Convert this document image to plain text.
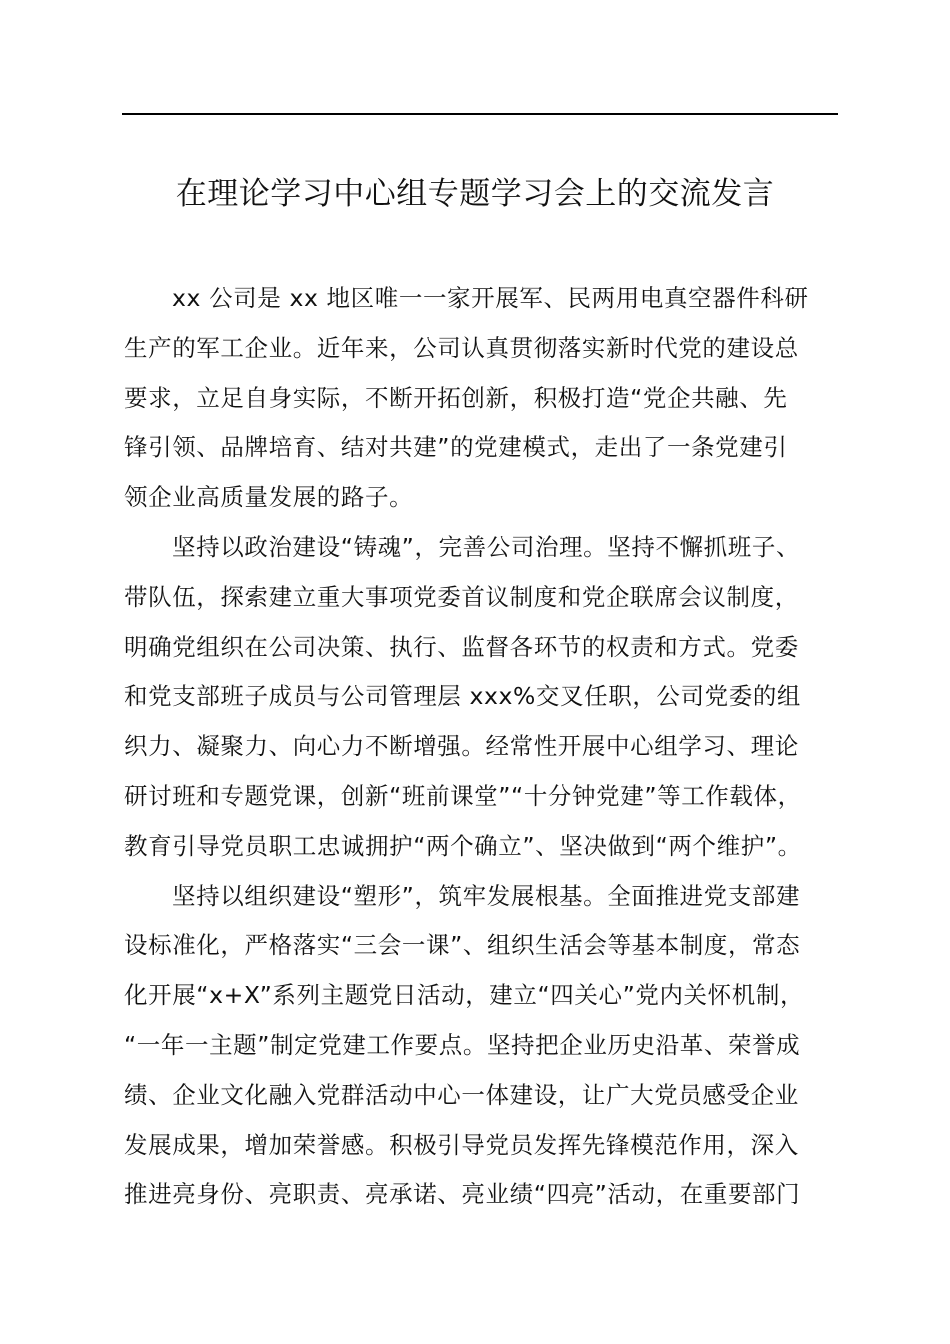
在理论学习中心组专题学习会上的交流发言
xx 公司是 xx 地区唯一一家开展军、民两用电真空器件科研
生产的军工企业。近年来，公司认真贯彻落实新时代党的建设总
要求，立足自身实际，不断开拓创新，积极打造“党企共融、先
锋引领、品牌培育、结对共建”的党建模式，走出了一条党建引
领企业高质量发展的路子。
坚持以政治建设“铸魂”，完善公司治理。坚持不懈抓班子、
带队伍，探索建立重大事项党委首议制度和党企联席会议制度，
明确党组织在公司决策、执行、监督各环节的权责和方式。党委
和党支部班子成员与公司管理层 xxx%交叉任职，公司党委的组
织力、凝聚力、向心力不断增强。经常性开展中心组学习、理论
研讨班和专题党课，创新“班前课堂”“十分钟党建”等工作载体，
教育引导党员职工忠诚拥护“两个确立”、坚决做到“两个维护”。
坚持以组织建设“塑形”，筑牢发展根基。全面推进党支部建
设标准化，严格落实“三会一课”、组织生活会等基本制度，常态
化开展“x+X”系列主题党日活动，建立“四关心”党内关怀机制，
“一年一主题”制定党建工作要点。坚持把企业历史沿革、荣誉成
绩、企业文化融入党群活动中心一体建设，让广大党员感受企业
发展成果，增加荣誉感。积极引导党员发挥先锋模范作用，深入
推进亮身份、亮职责、亮承诺、亮业绩“四亮”活动，在重要部门
